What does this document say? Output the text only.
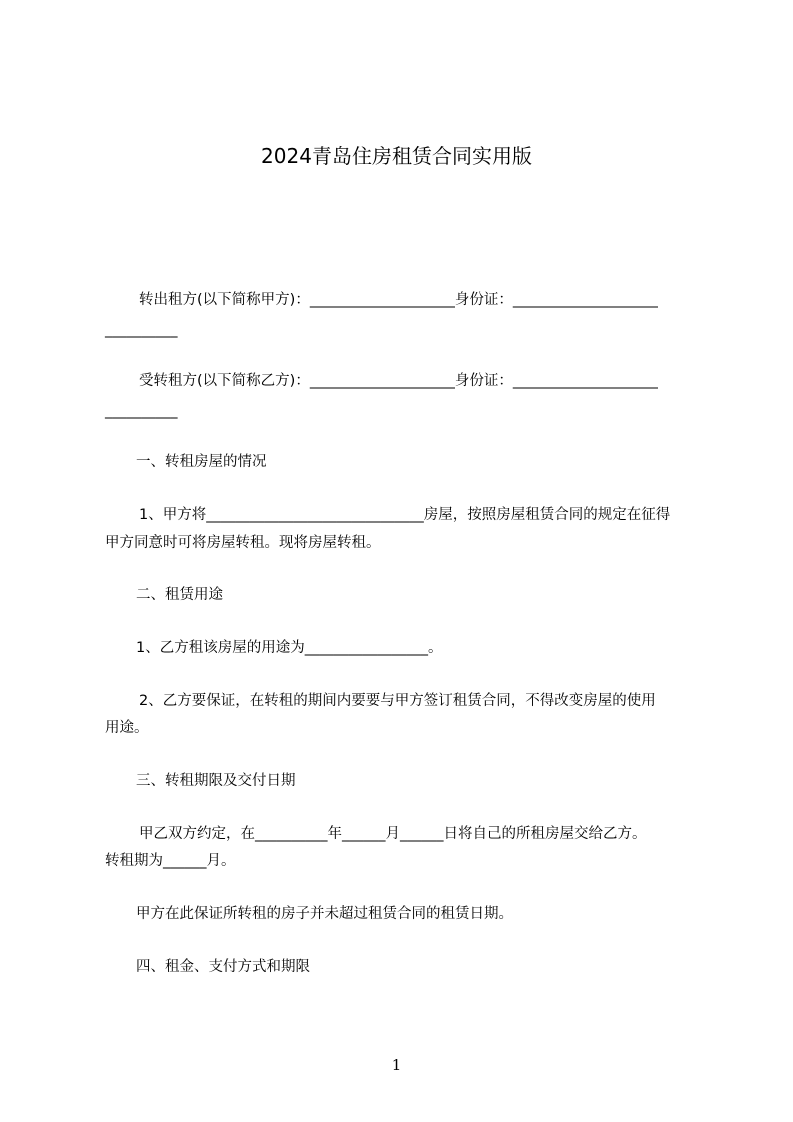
2024青岛住房租赁合同实用版
转出租方(以下简称甲方)：____________________身份证：____________________
__________
受转租方(以下简称乙方)：____________________身份证：____________________
__________
一、转租房屋的情况
1、甲方将______________________________房屋，按照房屋租赁合同的规定在征得
甲方同意时可将房屋转租。现将房屋转租。
二、租赁用途
1、乙方租该房屋的用途为_________________。
2、乙方要保证，在转租的期间内要要与甲方签订租赁合同，不得改变房屋的使用
用途。
三、转租期限及交付日期
甲乙双方约定，在__________年______月______日将自己的所租房屋交给乙方。
转租期为______月。
甲方在此保证所转租的房子并未超过租赁合同的租赁日期。
四、租金、支付方式和期限
1
